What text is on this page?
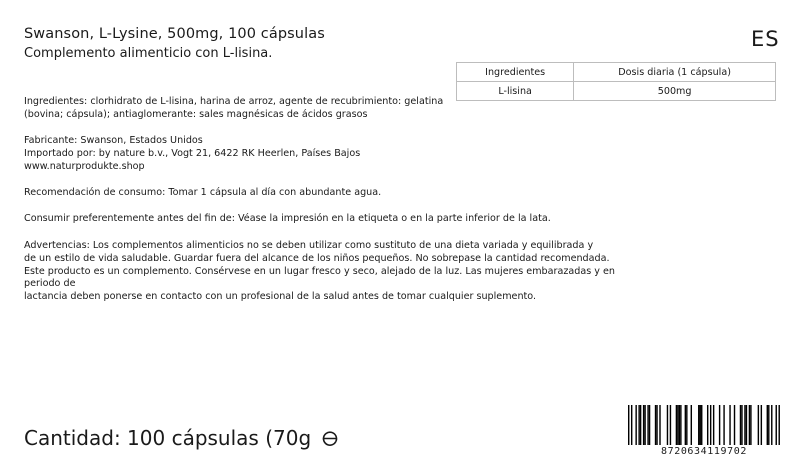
Swanson, L-Lysine, 500mg, 100 cápsulas
Complemento alimenticio con L-lisina.
ES
Ingredientes	Dosis diaria (1 cápsula)
L-lisina	500mg
Ingredientes: clorhidrato de L-lisina, harina de arroz, agente de recubrimiento: gelatina
(bovina; cápsula); antiaglomerante: sales magnésicas de ácidos grasos
Fabricante: Swanson, Estados Unidos
Importado por: by nature b.v., Vogt 21, 6422 RK Heerlen, Países Bajos
www.naturprodukte.shop
Recomendación de consumo: Tomar 1 cápsula al día con abundante agua.
Consumir preferentemente antes del fin de: Véase la impresión en la etiqueta o en la parte inferior de la lata.
Advertencias: Los complementos alimenticios no se deben utilizar como sustituto de una dieta variada y equilibrada y
de un estilo de vida saludable. Guardar fuera del alcance de los niños pequeños. No sobrepase la cantidad recomendada.
Este producto es un complemento. Consérvese en un lugar fresco y seco, alejado de la luz. Las mujeres embarazadas y en periodo de
lactancia deben ponerse en contacto con un profesional de la salud antes de tomar cualquier suplemento.
Cantidad: 100 cápsulas (70g
8720634119702
